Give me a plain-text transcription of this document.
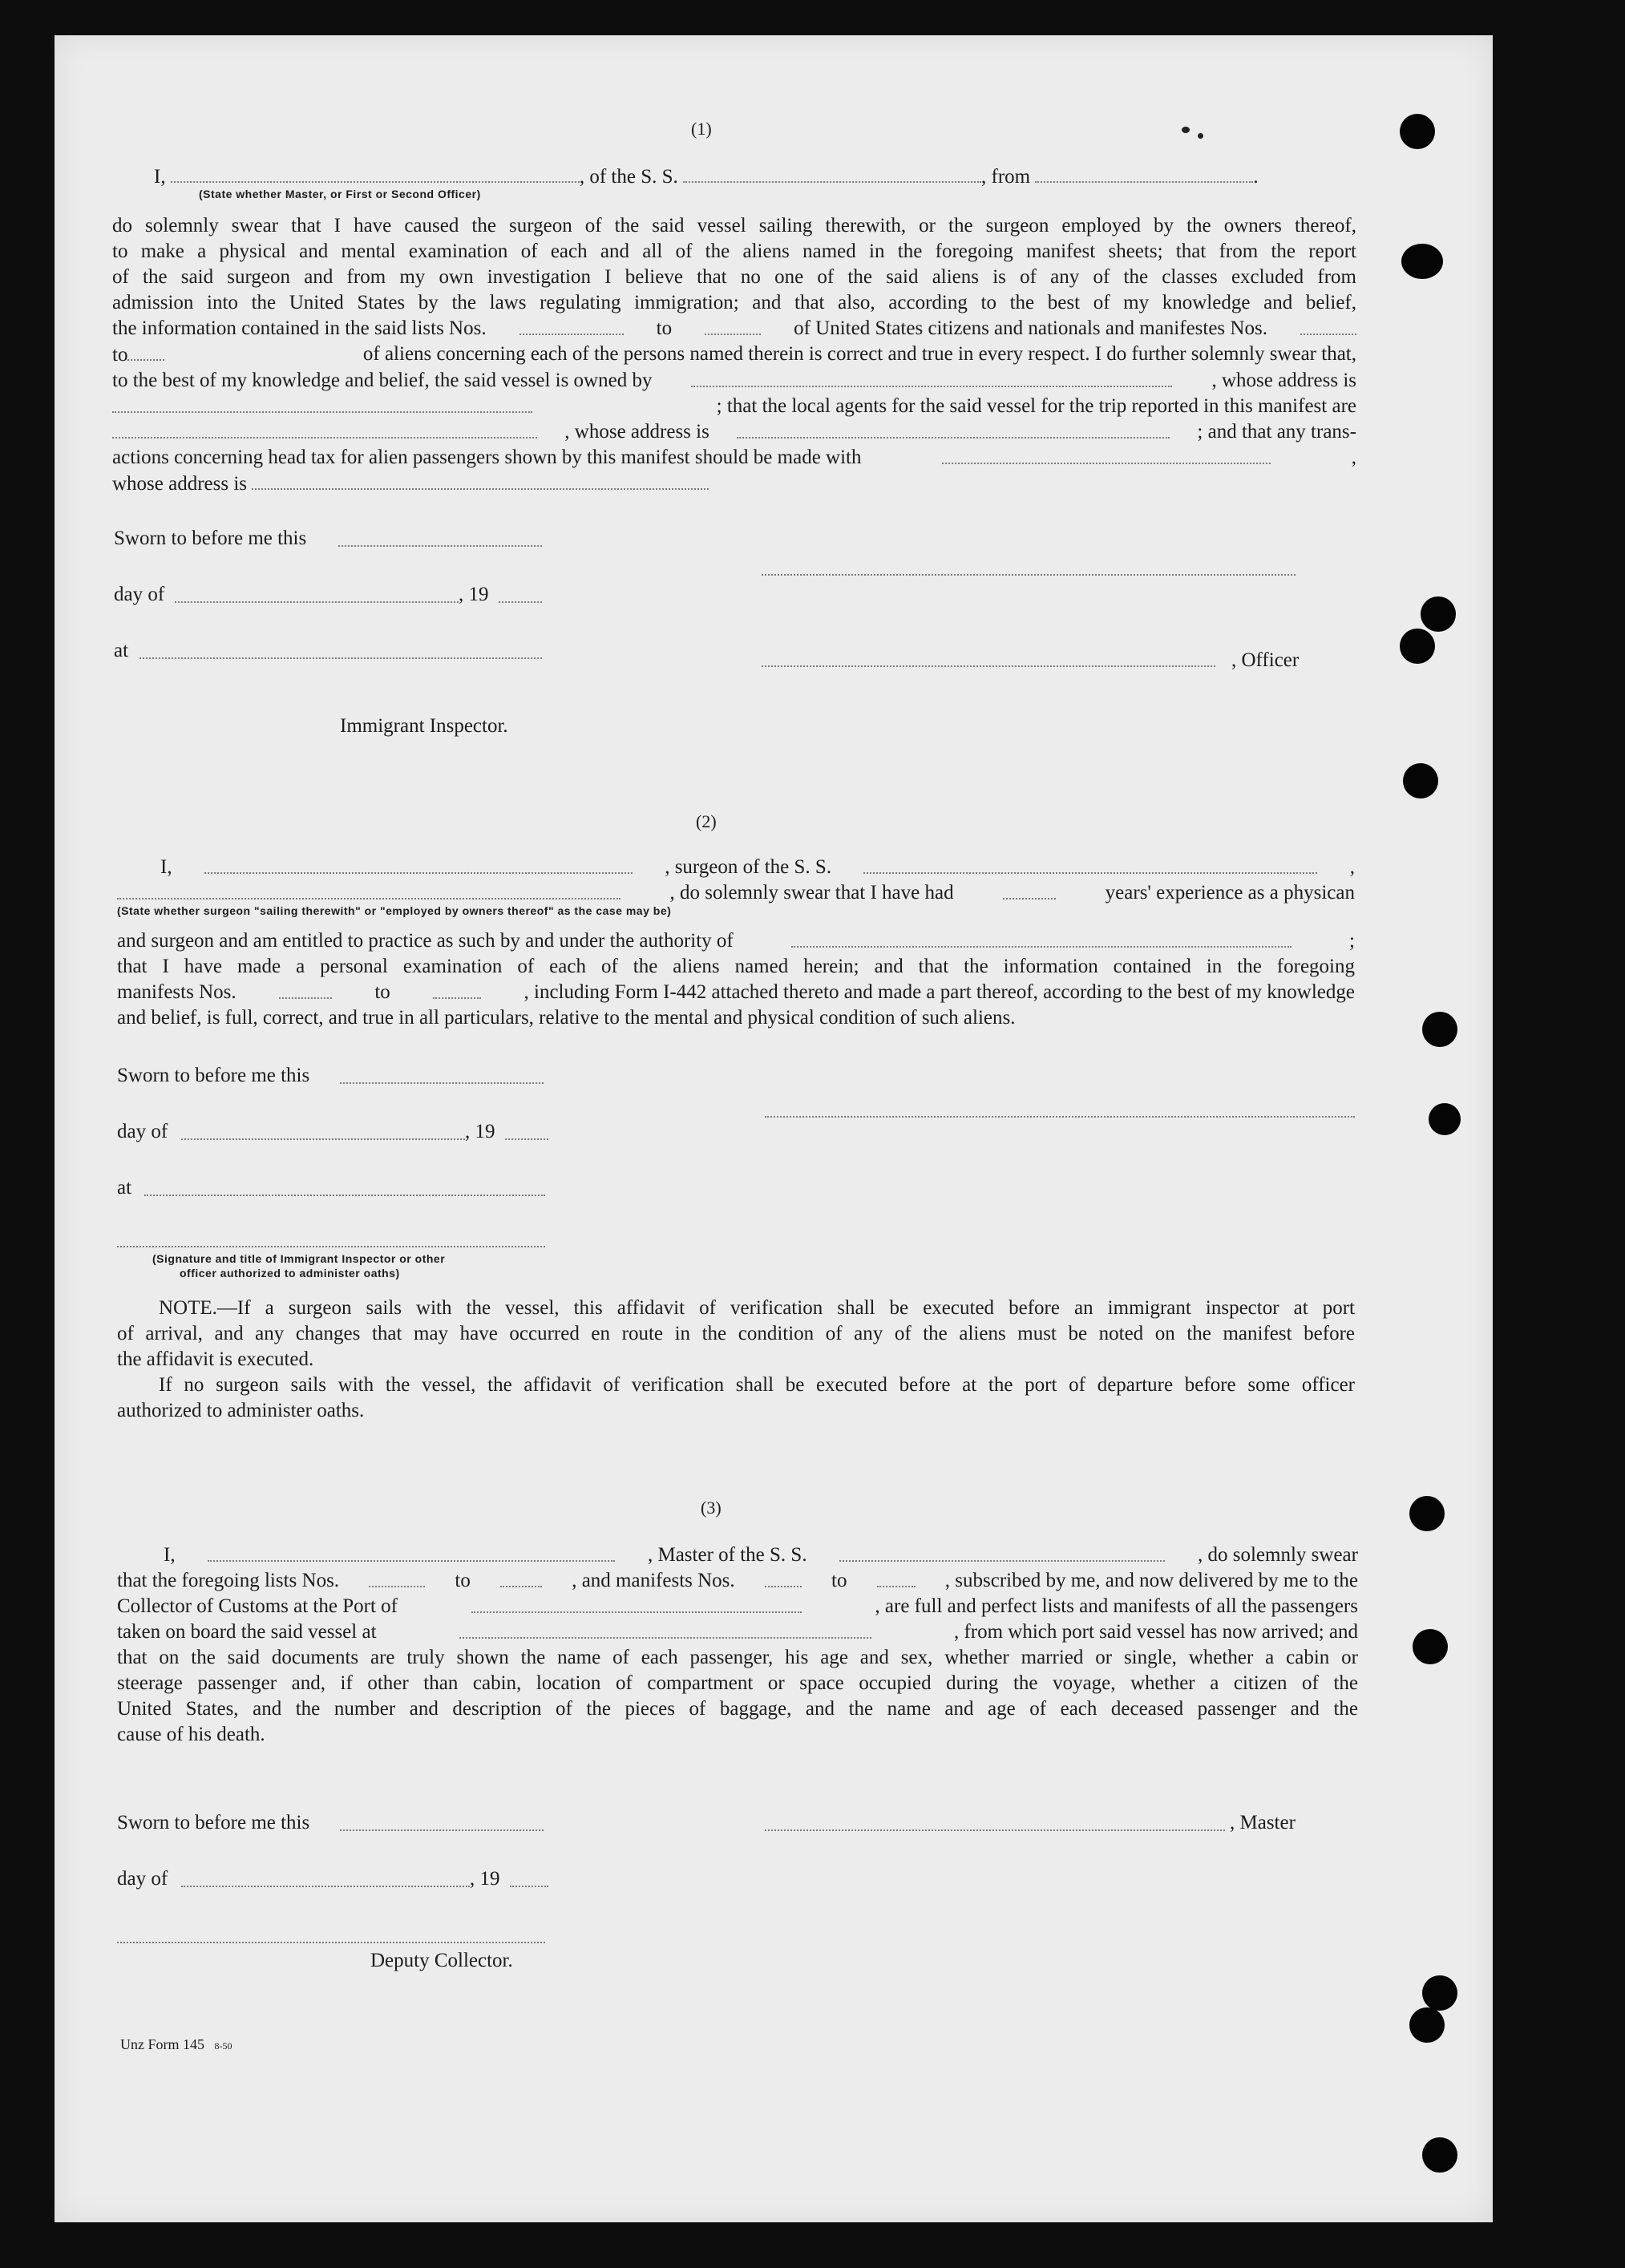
(1)
I,	, of the S. S.	, from	.
(State whether Master, or First or Second Officer)
do solemnly swear that I have caused the surgeon of the said vessel sailing therewith, or the surgeon employed by the owners thereof,
to make a physical and mental examination of each and all of the aliens named in the foregoing manifest sheets; that from the report
of the said surgeon and from my own investigation I believe that no one of the said aliens is of any of the classes excluded from
admission into the United States by the laws regulating immigration; and that also, according to the best of my knowledge and belief,
the information contained in the said lists Nos.	to	of United States citizens and nationals and manifestes Nos.
to	of aliens concerning each of the persons named therein is correct and true in every respect. I do further solemnly swear that,
to the best of my knowledge and belief, the said vessel is owned by	, whose address is
; that the local agents for the said vessel for the trip reported in this manifest are
, whose address is	; and that any trans-
actions concerning head tax for alien passengers shown by this manifest should be made with	,
whose address is
Sworn to before me this
day of	, 19
at	, Officer
Immigrant Inspector.
(2)
I,	, surgeon of the S. S.	,
, do solemnly swear that I have had	years' experience as a physican
(State whether surgeon "sailing therewith" or "employed by owners thereof" as the case may be)
and surgeon and am entitled to practice as such by and under the authority of	;
that I have made a personal examination of each of the aliens named herein; and that the information contained in the foregoing
manifests Nos.	to	, including Form I-442 attached thereto and made a part thereof, according to the best of my knowledge
and belief, is full, correct, and true in all particulars, relative to the mental and physical condition of such aliens.
Sworn to before me this
day of	, 19
at
(Signature and title of Immigrant Inspector or other
officer authorized to administer oaths)
NOTE.—If a surgeon sails with the vessel, this affidavit of verification shall be executed before an immigrant inspector at port
of arrival, and any changes that may have occurred en route in the condition of any of the aliens must be noted on the manifest before
the affidavit is executed.
If no surgeon sails with the vessel, the affidavit of verification shall be executed before at the port of departure before some officer
authorized to administer oaths.
(3)
I,	, Master of the S. S.	, do solemnly swear
that the foregoing lists Nos.	to	, and manifests Nos.	to	, subscribed by me, and now delivered by me to the
Collector of Customs at the Port of	, are full and perfect lists and manifests of all the passengers
taken on board the said vessel at	, from which port said vessel has now arrived; and
that on the said documents are truly shown the name of each passenger, his age and sex, whether married or single, whether a cabin or
steerage passenger and, if other than cabin, location of compartment or space occupied during the voyage, whether a citizen of the
United States, and the number and description of the pieces of baggage, and the name and age of each deceased passenger and the
cause of his death.
Sworn to before me this	, Master
day of	, 19
Deputy Collector.
Unz Form 145 8-50
